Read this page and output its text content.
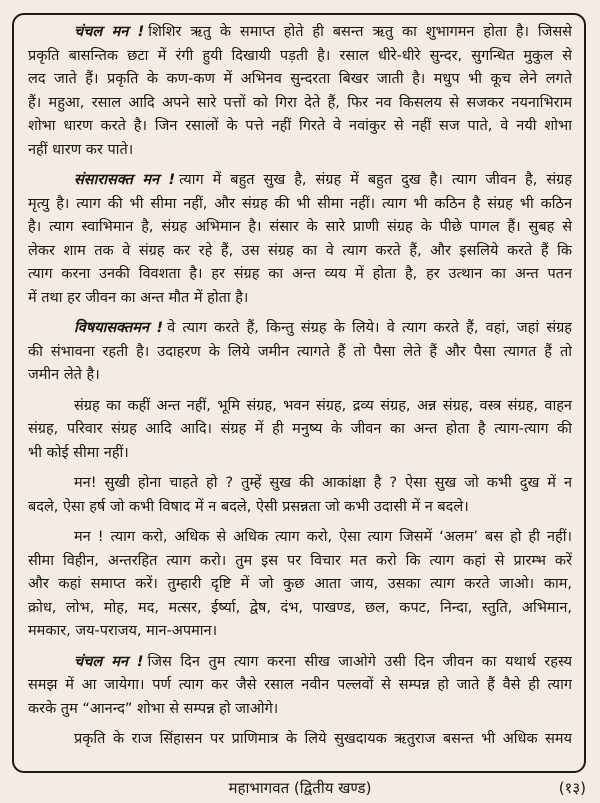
चंचल मन ! शिशिर ऋतु के समाप्त होते ही बसन्त ऋतु का शुभागमन होता है। जिससे
प्रकृति बासन्तिक छटा में रंगी हुयी दिखायी पड़ती है। रसाल धीरे-धीरे सुन्दर, सुगन्धित मुकुल से
लद जाते हैं। प्रकृति के कण-कण में अभिनव सुन्दरता बिखर जाती है। मधुप भी कूच लेने लगते
हैं। महुआ, रसाल आदि अपने सारे पत्तों को गिरा देते हैं, फिर नव किसलय से सजकर नयनाभिराम
शोभा धारण करते है। जिन रसालों के पत्ते नहीं गिरते वे नवांकुर से नहीं सज पाते, वे नयी शोभा
नहीं धारण कर पाते।
संसारासक्त मन ! त्याग में बहुत सुख है, संग्रह में बहुत दुख है। त्याग जीवन है, संग्रह
मृत्यु है। त्याग की भी सीमा नहीं, और संग्रह की भी सीमा नहीं। त्याग भी कठिन है संग्रह भी कठिन
है। त्याग स्वाभिमान है, संग्रह अभिमान है। संसार के सारे प्राणी संग्रह के पीछे पागल हैं। सुबह से
लेकर शाम तक वे संग्रह कर रहे हैं, उस संग्रह का वे त्याग करते हैं, और इसलिये करते हैं कि
त्याग करना उनकी विवशता है। हर संग्रह का अन्त व्यय में होता है, हर उत्थान का अन्त पतन
में तथा हर जीवन का अन्त मौत में होता है।
विषयासक्तमन ! वे त्याग करते हैं, किन्तु संग्रह के लिये। वे त्याग करते हैं, वहां, जहां संग्रह
की संभावना रहती है। उदाहरण के लिये जमीन त्यागते हैं तो पैसा लेते हैं और पैसा त्यागत हैं तो
जमीन लेते है।
संग्रह का कहीं अन्त नहीं, भूमि संग्रह, भवन संग्रह, द्रव्य संग्रह, अन्न संग्रह, वस्त्र संग्रह, वाहन
संग्रह, परिवार संग्रह आदि आदि। संग्रह में ही मनुष्य के जीवन का अन्त होता है त्याग-त्याग की
भी कोई सीमा नहीं।
मन! सुखी होना चाहते हो ? तुम्हें सुख की आकांक्षा है ? ऐसा सुख जो कभी दुख में न
बदले, ऐसा हर्ष जो कभी विषाद में न बदले, ऐसी प्रसन्नता जो कभी उदासी में न बदले।
मन ! त्याग करो, अधिक से अधिक त्याग करो, ऐसा त्याग जिसमें ‘अलम’ बस हो ही नहीं।
सीमा विहीन, अन्तरहित त्याग करो। तुम इस पर विचार मत करो कि त्याग कहां से प्रारम्भ करें
और कहां समाप्त करें। तुम्हारी दृष्टि में जो कुछ आता जाय, उसका त्याग करते जाओ। काम,
क्रोध, लोभ, मोह, मद, मत्सर, ईर्ष्या, द्वेष, दंभ, पाखण्ड, छल, कपट, निन्दा, स्तुति, अभिमान,
ममकार, जय-पराजय, मान-अपमान।
चंचल मन ! जिस दिन तुम त्याग करना सीख जाओगे उसी दिन जीवन का यथार्थ रहस्य
समझ में आ जायेगा। पर्ण त्याग कर जैसे रसाल नवीन पल्लवों से सम्पन्न हो जाते हैं वैसे ही त्याग
करके तुम “आनन्द” शोभा से सम्पन्न हो जाओगे।
प्रकृति के राज सिंहासन पर प्राणिमात्र के लिये सुखदायक ऋतुराज बसन्त भी अधिक समय
महाभागवत (द्वितीय खण्ड)	(१३)
